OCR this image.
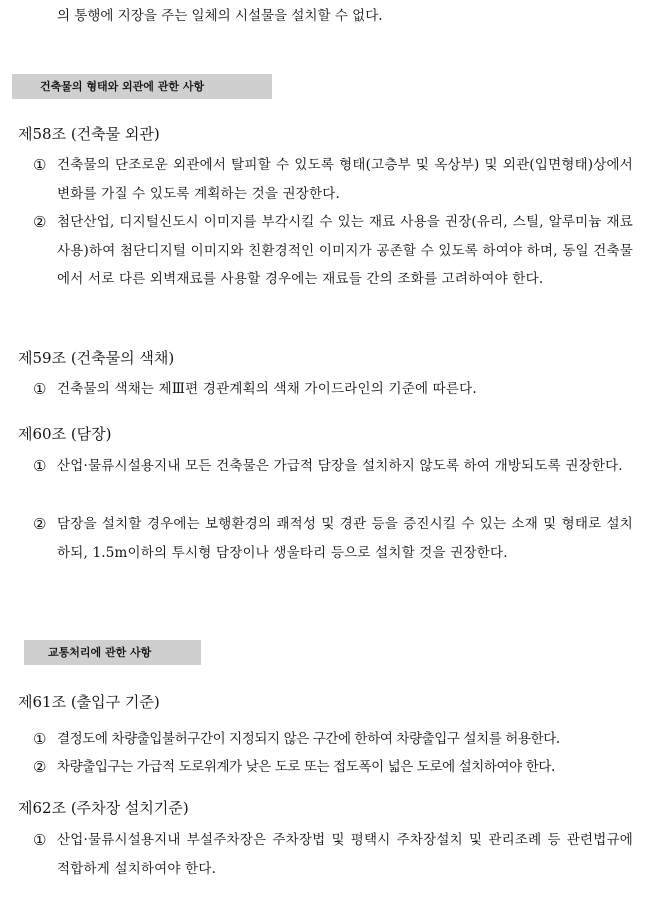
의 통행에 지장을 주는 일체의 시설물을 설치할 수 없다.
건축물의 형태와 외관에 관한 사항
제58조 (건축물 외관)
① 건축물의 단조로운 외관에서 탈피할 수 있도록 형태(고층부 및 옥상부) 및 외관(입면형태)상에서 변화를 가질 수 있도록 계획하는 것을 권장한다.
② 첨단산업, 디지털신도시 이미지를 부각시킬 수 있는 재료 사용을 권장(유리, 스틸, 알루미늄 재료 사용)하여 첨단디지털 이미지와 친환경적인 이미지가 공존할 수 있도록 하여야 하며, 동일 건축물에서 서로 다른 외벽재료를 사용할 경우에는 재료들 간의 조화를 고려하여야 한다.
제59조 (건축물의 색채)
① 건축물의 색채는 제Ⅲ편 경관계획의 색채 가이드라인의 기준에 따른다.
제60조 (담장)
① 산업·물류시설용지내 모든 건축물은 가급적 담장을 설치하지 않도록 하여 개방되도록 권장한다.
② 담장을 설치할 경우에는 보행환경의 쾌적성 및 경관 등을 증진시킬 수 있는 소재 및 형태로 설치하되, 1.5m이하의 투시형 담장이나 생울타리 등으로 설치할 것을 권장한다.
교통처리에 관한 사항
제61조 (출입구 기준)
① 결정도에 차량출입불허구간이 지정되지 않은 구간에 한하여 차량출입구 설치를 허용한다.
② 차량출입구는 가급적 도로위계가 낮은 도로 또는 접도폭이 넓은 도로에 설치하여야 한다.
제62조 (주차장 설치기준)
① 산업·물류시설용지내 부설주차장은 주차장법 및 평택시 주차장설치 및 관리조례 등 관련법규에 적합하게 설치하여야 한다.
